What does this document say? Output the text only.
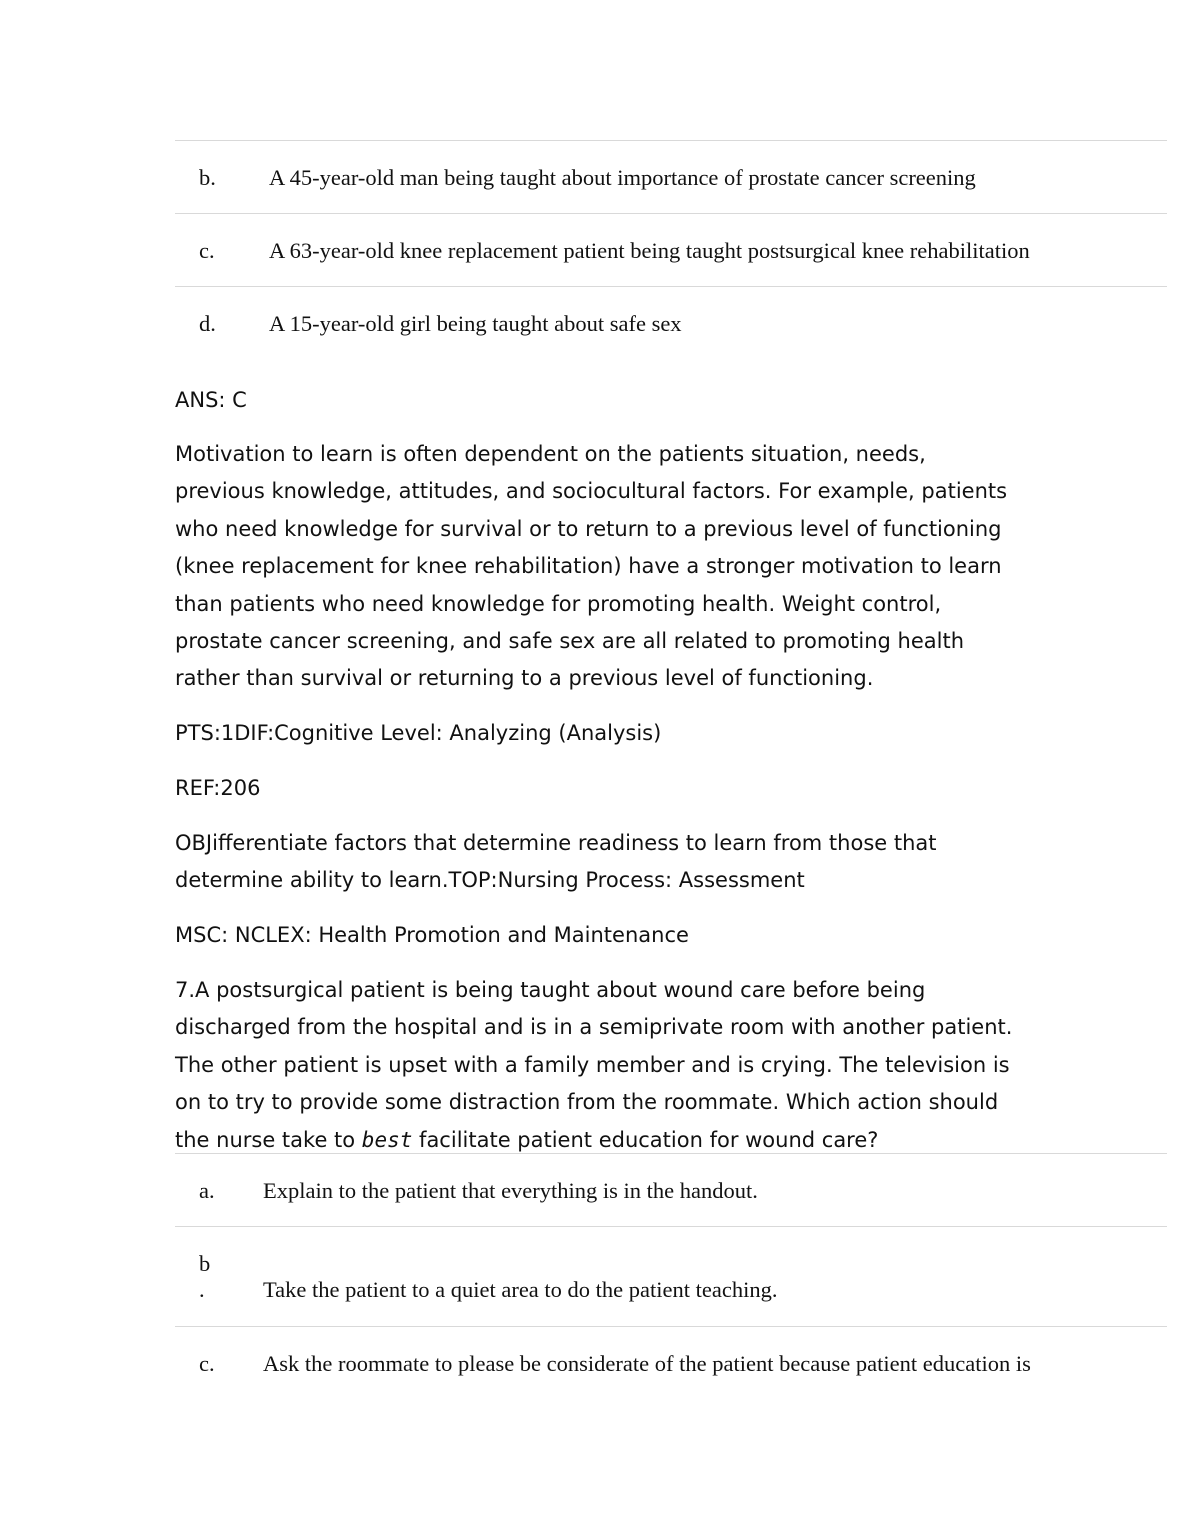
b. A 45-year-old man being taught about importance of prostate cancer screening
c. A 63-year-old knee replacement patient being taught postsurgical knee rehabilitation
d. A 15-year-old girl being taught about safe sex

ANS: C

Motivation to learn is often dependent on the patients situation, needs, previous knowledge, attitudes, and sociocultural factors. For example, patients who need knowledge for survival or to return to a previous level of functioning (knee replacement for knee rehabilitation) have a stronger motivation to learn than patients who need knowledge for promoting health. Weight control, prostate cancer screening, and safe sex are all related to promoting health rather than survival or returning to a previous level of functioning.

PTS:1DIF:Cognitive Level: Analyzing (Analysis)

REF:206

OBJifferentiate factors that determine readiness to learn from those that determine ability to learn.TOP:Nursing Process: Assessment

MSC: NCLEX: Health Promotion and Maintenance

7.A postsurgical patient is being taught about wound care before being discharged from the hospital and is in a semiprivate room with another patient. The other patient is upset with a family member and is crying. The television is on to try to provide some distraction from the roommate. Which action should the nurse take to best facilitate patient education for wound care?

a. Explain to the patient that everything is in the handout.
b
.	Take the patient to a quiet area to do the patient teaching.
c. Ask the roommate to please be considerate of the patient because patient education is
